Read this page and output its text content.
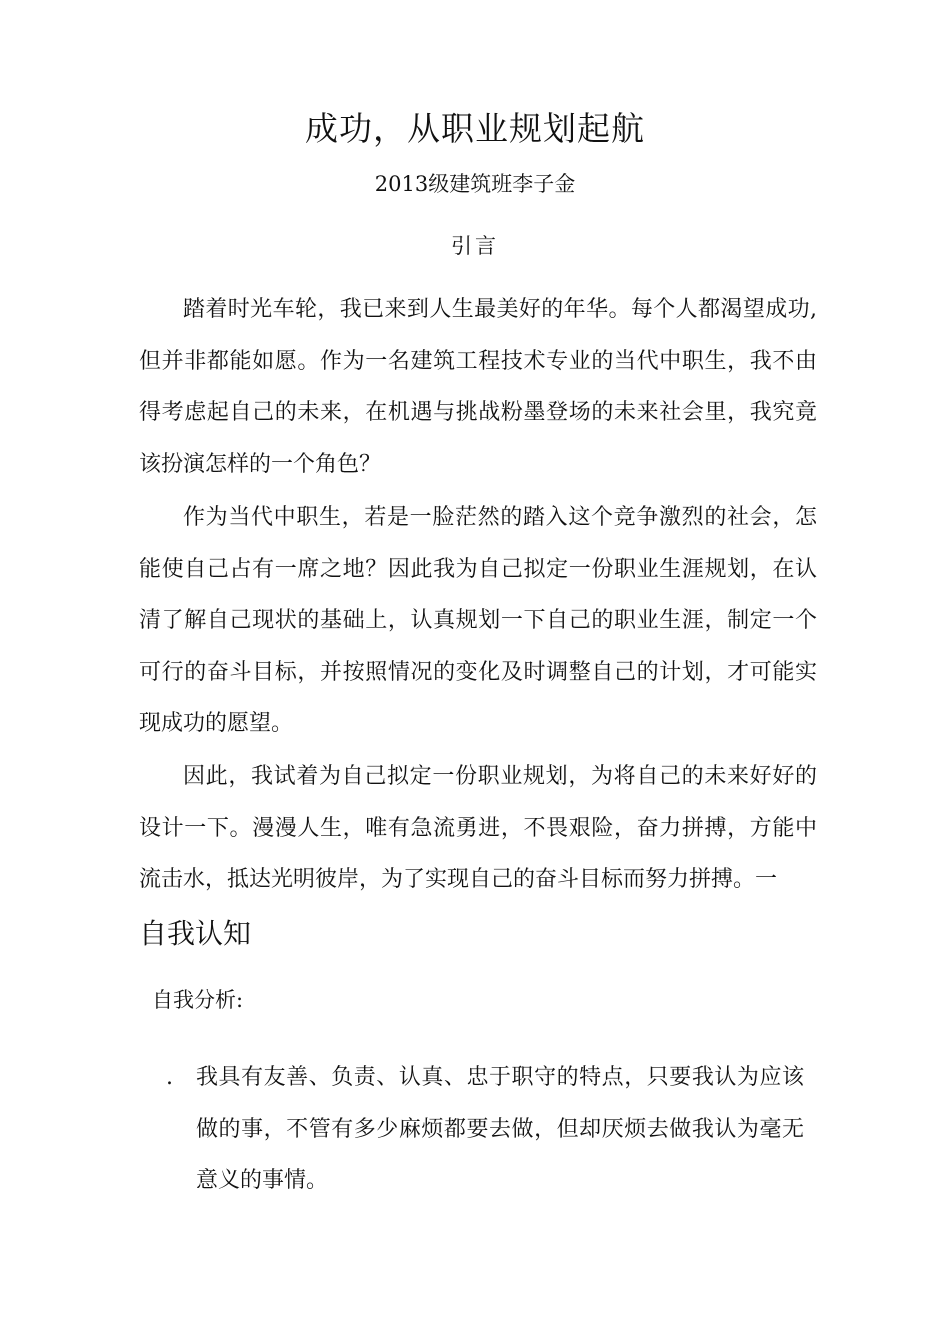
成功，从职业规划起航
2013级建筑班李子金
引言

踏着时光车轮，我已来到人生最美好的年华。每个人都渴望成功,但并非都能如愿。作为一名建筑工程技术专业的当代中职生，我不由得考虑起自己的未来，在机遇与挑战粉墨登场的未来社会里，我究竟该扮演怎样的一个角色？

作为当代中职生，若是一脸茫然的踏入这个竞争激烈的社会，怎能使自己占有一席之地？因此我为自己拟定一份职业生涯规划，在认清了解自己现状的基础上，认真规划一下自己的职业生涯，制定一个可行的奋斗目标，并按照情况的变化及时调整自己的计划，才可能实现成功的愿望。

因此，我试着为自己拟定一份职业规划，为将自己的未来好好的设计一下。漫漫人生，唯有急流勇进，不畏艰险，奋力拼搏，方能中流击水，抵达光明彼岸，为了实现自己的奋斗目标而努力拼搏。一

自我认知
自我分析:
. 我具有友善、负责、认真、忠于职守的特点，只要我认为应该做的事，不管有多少麻烦都要去做，但却厌烦去做我认为毫无意义的事情。
